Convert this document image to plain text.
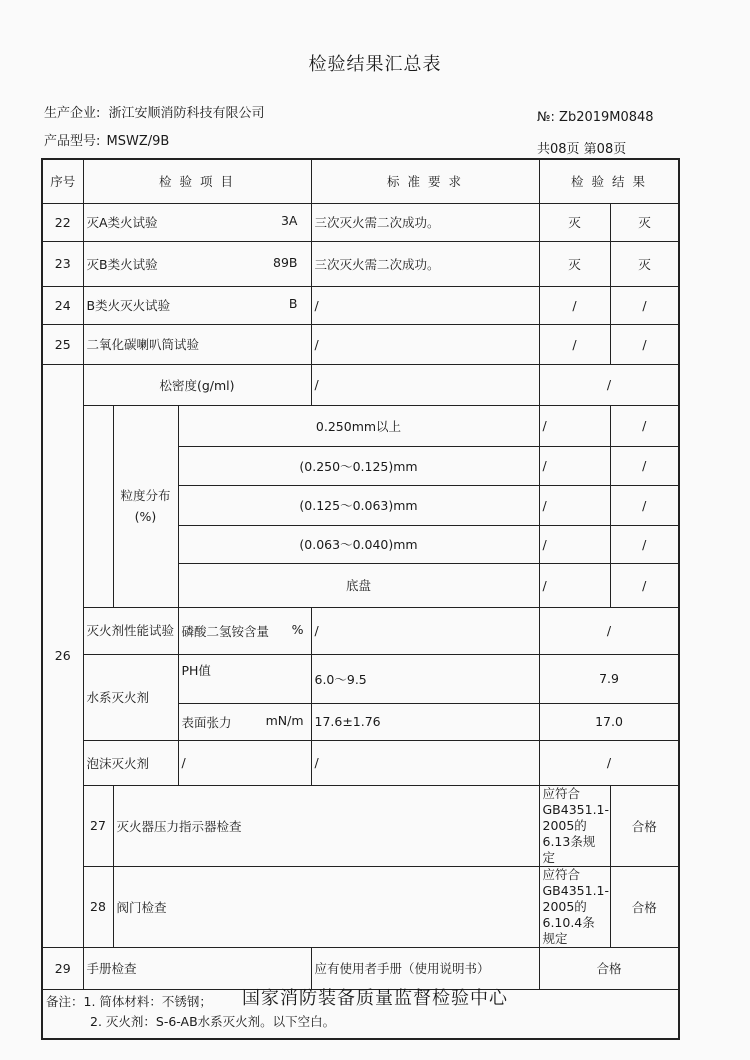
检验结果汇总表
生产企业: 浙江安顺消防科技有限公司
产品型号: MSWZ/9B
№: Zb2019M0848
共08页 第08页
序号	检 验 项 目			标 准 要 求	检 验 结 果	
22	灭A类火试验 3A			三次灭火需二次成功。	灭	灭
23	灭B类火试验 89B			三次灭火需二次成功。	灭	灭
24	B类火灭火试验 B			/	/	/
25	二氧化碳喇叭筒试验			/	/	/
26	松密度(g/ml)			/	/	
		粒度分布(%)	0.250mm以上		/	/
			(0.250～0.125)mm		/	/
			(0.125～0.063)mm		/	/
			(0.063～0.040)mm		/	/
			底盘		/	/
	灭火剂性能试验		磷酸二氢铵含量 %	/	/	
	水系灭火剂		PH值	6.0～9.5	7.9	
			表面张力 mN/m	17.6±1.76	17.0	
	泡沫灭火剂		/	/	/	
	27	灭火器压力指示器检查			应符合GB4351.1-2005的6.13条规定	合格
	28	阀门检查			应符合GB4351.1-2005的6.10.4条规定	合格
29	手册检查			应有使用者手册（使用说明书）	合格	

备注：1. 简体材料：不锈钢；
2. 灭火剂：S-6-AB水系灭火剂。以下空白。						
国家消防装备质量监督检验中心
